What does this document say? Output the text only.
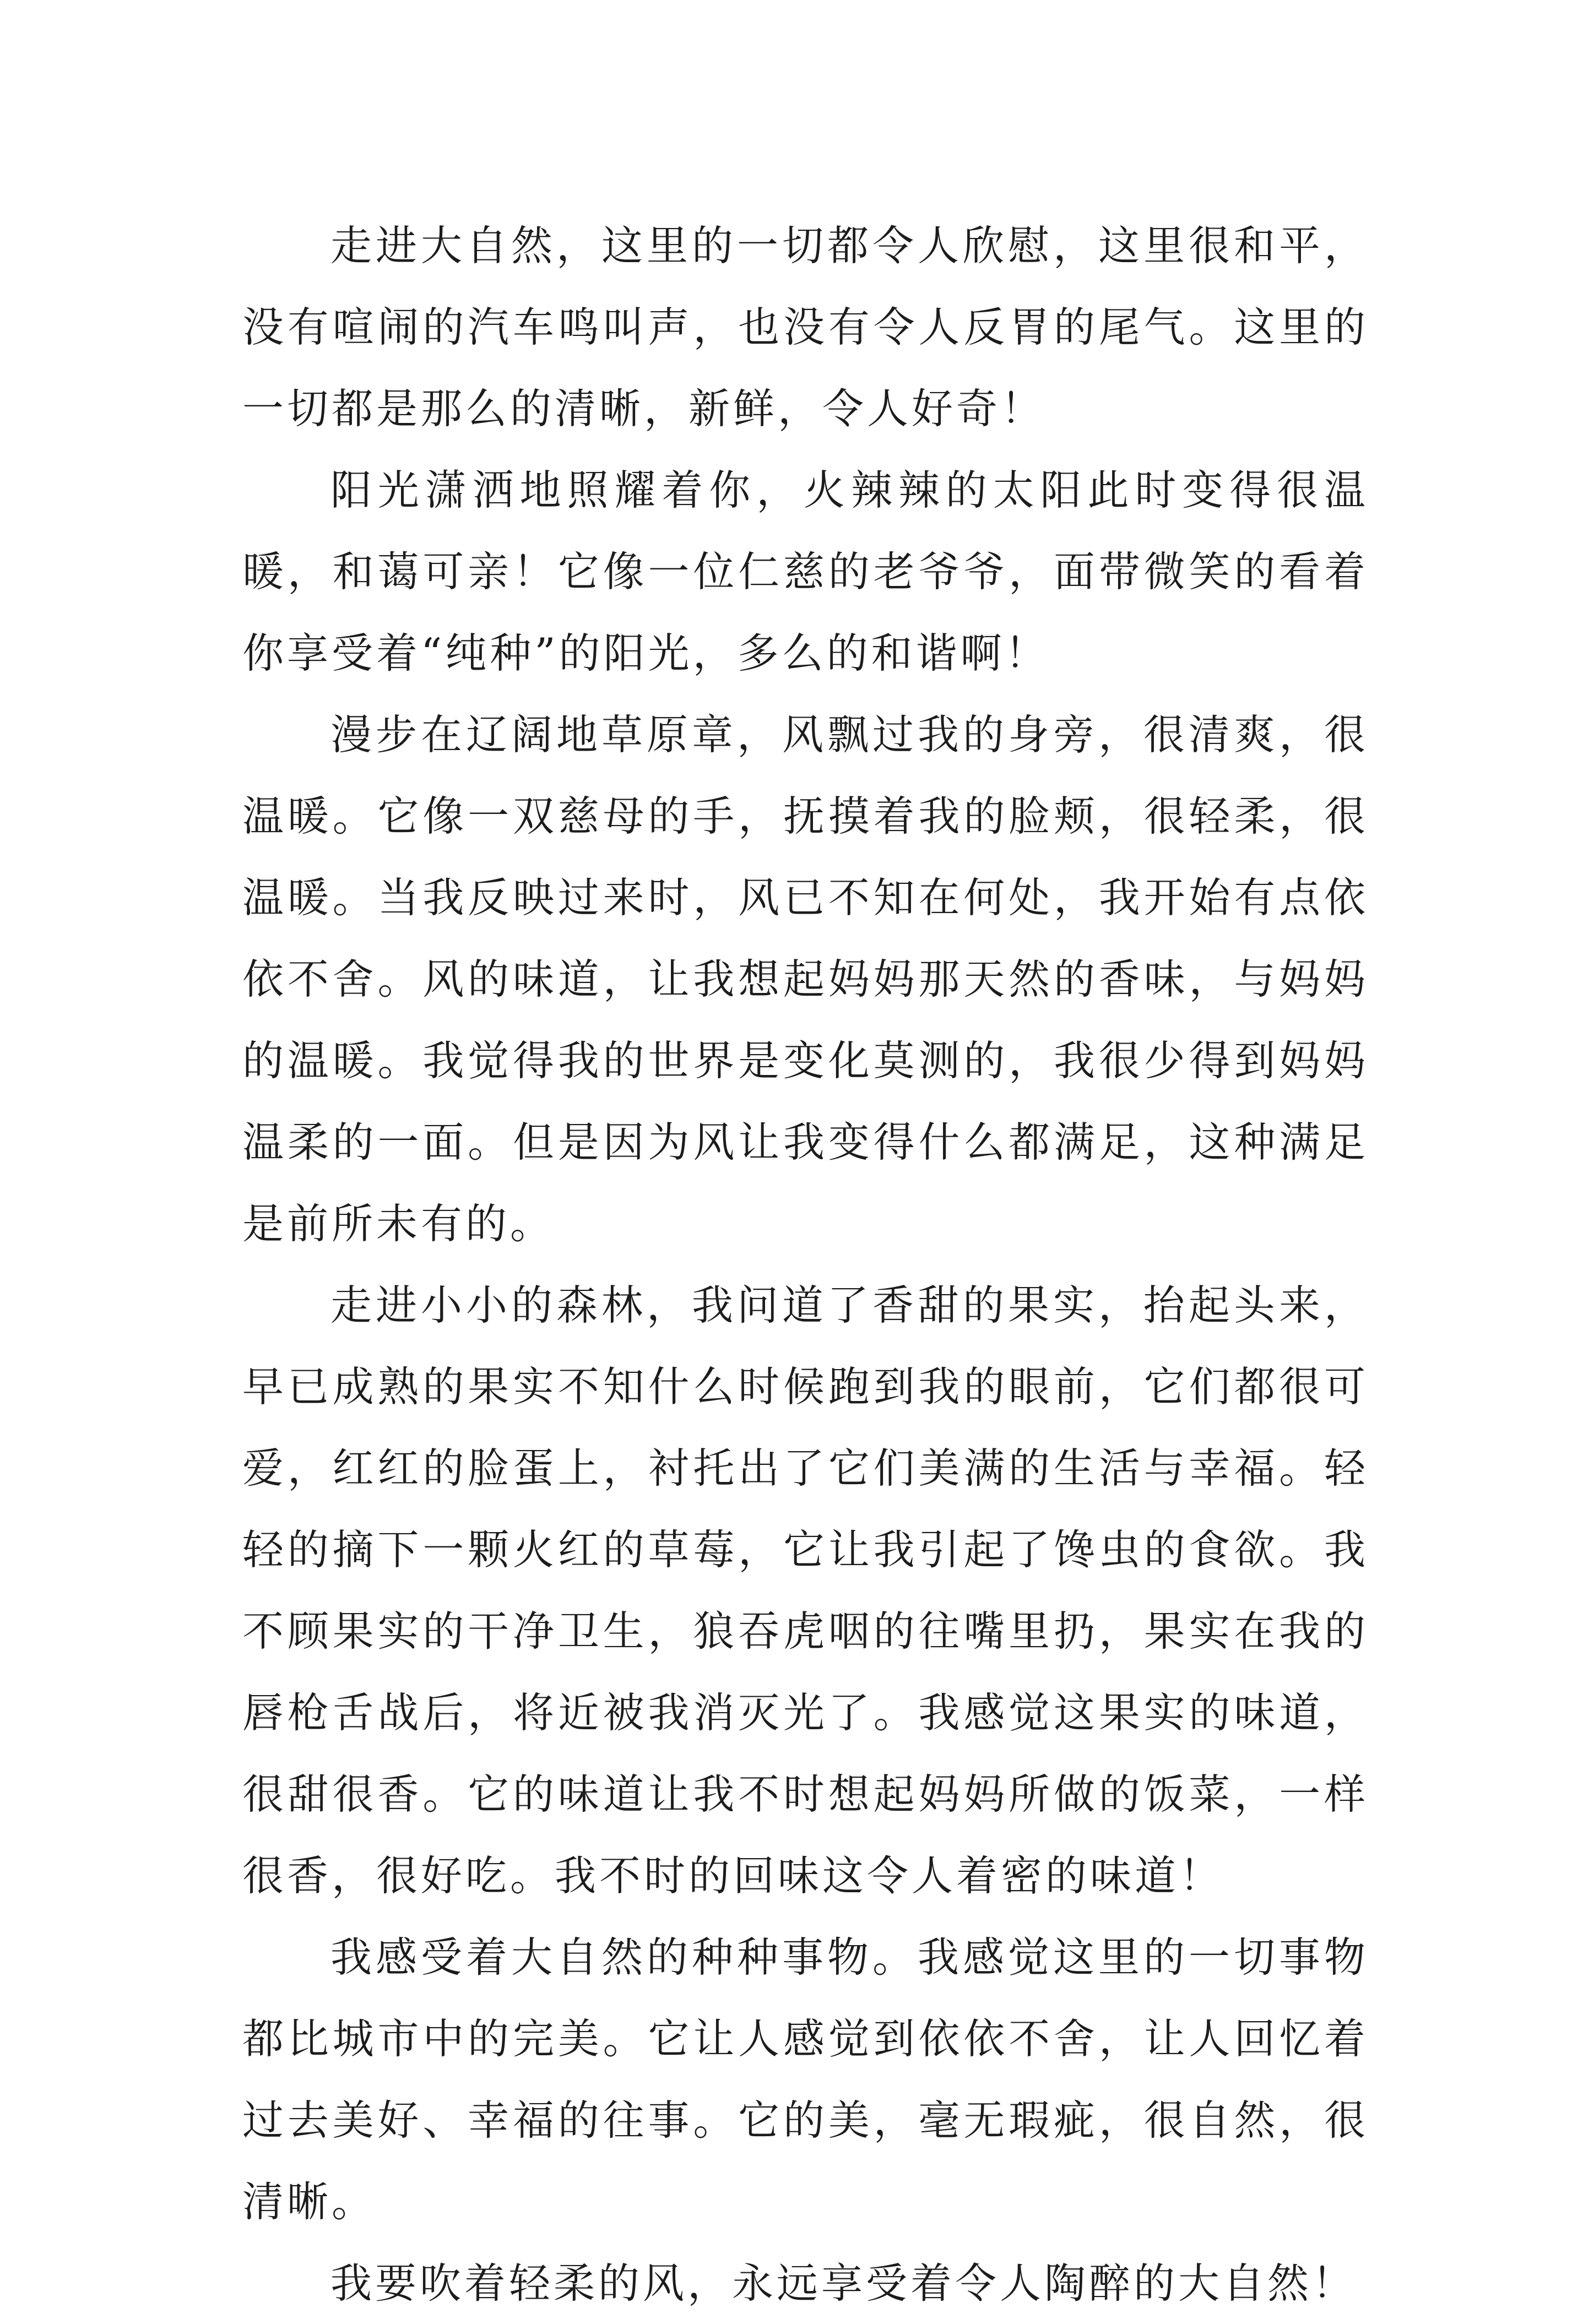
走进大自然，这里的一切都令人欣慰，这里很和平，没有喧闹的汽车鸣叫声，也没有令人反胃的尾气。这里的一切都是那么的清晰，新鲜，令人好奇！

阳光潇洒地照耀着你，火辣辣的太阳此时变得很温暖，和蔼可亲！它像一位仁慈的老爷爷，面带微笑的看着你享受着“纯种”的阳光，多么的和谐啊！

漫步在辽阔地草原章，风飘过我的身旁，很清爽，很温暖。它像一双慈母的手，抚摸着我的脸颊，很轻柔，很温暖。当我反映过来时，风已不知在何处，我开始有点依依不舍。风的味道，让我想起妈妈那天然的香味，与妈妈的温暖。我觉得我的世界是变化莫测的，我很少得到妈妈温柔的一面。但是因为风让我变得什么都满足，这种满足是前所未有的。

走进小小的森林，我问道了香甜的果实，抬起头来，早已成熟的果实不知什么时候跑到我的眼前，它们都很可爱，红红的脸蛋上，衬托出了它们美满的生活与幸福。轻轻的摘下一颗火红的草莓，它让我引起了馋虫的食欲。我不顾果实的干净卫生，狼吞虎咽的往嘴里扔，果实在我的唇枪舌战后，将近被我消灭光了。我感觉这果实的味道，很甜很香。它的味道让我不时想起妈妈所做的饭菜，一样很香，很好吃。我不时的回味这令人着密的味道！

我感受着大自然的种种事物。我感觉这里的一切事物都比城市中的完美。它让人感觉到依依不舍，让人回忆着过去美好、幸福的往事。它的美，毫无瑕疵，很自然，很清晰。

我要吹着轻柔的风，永远享受着令人陶醉的大自然！
